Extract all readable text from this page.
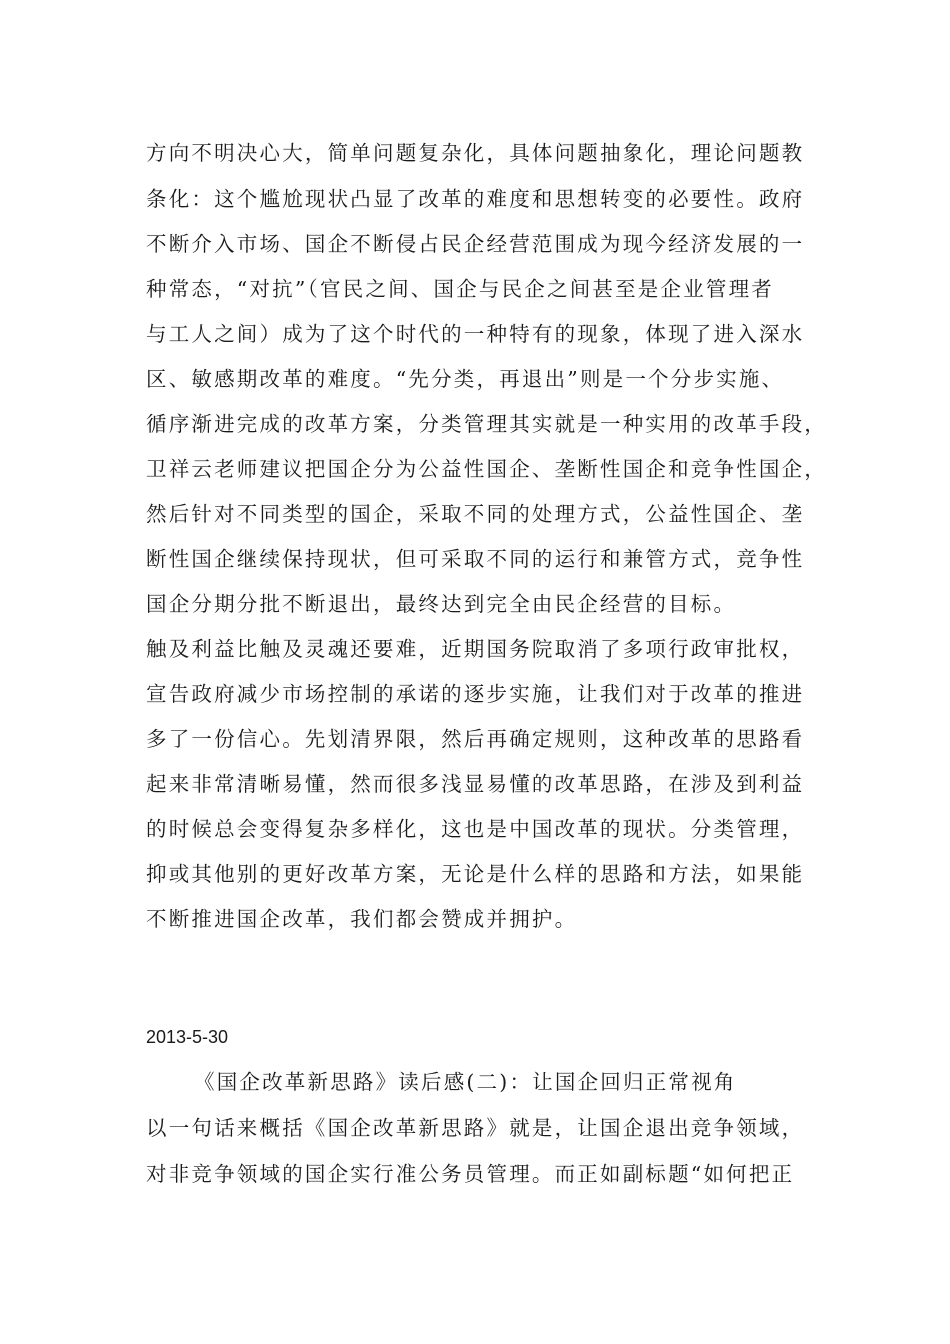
方向不明决心大，简单问题复杂化，具体问题抽象化，理论问题教
条化：这个尴尬现状凸显了改革的难度和思想转变的必要性。政府
不断介入市场、国企不断侵占民企经营范围成为现今经济发展的一
种常态，“对抗”（官民之间、国企与民企之间甚至是企业管理者
与工人之间）成为了这个时代的一种特有的现象，体现了进入深水
区、敏感期改革的难度。“先分类，再退出”则是一个分步实施、
循序渐进完成的改革方案，分类管理其实就是一种实用的改革手段，
卫祥云老师建议把国企分为公益性国企、垄断性国企和竞争性国企，
然后针对不同类型的国企，采取不同的处理方式，公益性国企、垄
断性国企继续保持现状，但可采取不同的运行和兼管方式，竞争性
国企分期分批不断退出，最终达到完全由民企经营的目标。
触及利益比触及灵魂还要难，近期国务院取消了多项行政审批权，
宣告政府减少市场控制的承诺的逐步实施，让我们对于改革的推进
多了一份信心。先划清界限，然后再确定规则，这种改革的思路看
起来非常清晰易懂，然而很多浅显易懂的改革思路，在涉及到利益
的时候总会变得复杂多样化，这也是中国改革的现状。分类管理，
抑或其他别的更好改革方案，无论是什么样的思路和方法，如果能
不断推进国企改革，我们都会赞成并拥护。
2013-5-30
《国企改革新思路》读后感(二)：让国企回归正常视角
以一句话来概括《国企改革新思路》就是，让国企退出竞争领域，
对非竞争领域的国企实行准公务员管理。而正如副标题“如何把正
